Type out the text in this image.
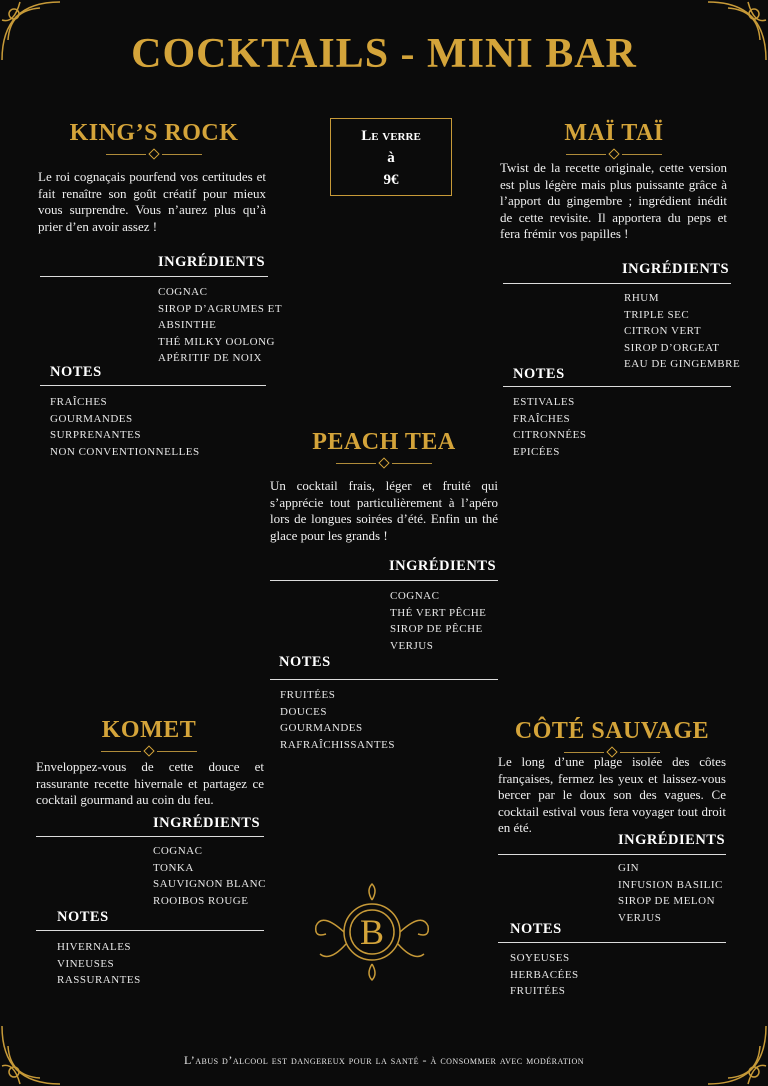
COCKTAILS - MINI BAR
Le verre
à
9€
KING’S ROCK
Le roi cognaçais pourfend vos certitudes et fait renaître son goût créatif pour mieux vous surprendre. Vous n’aurez plus qu’à prier d’en avoir assez !
INGRÉDIENTS
COGNAC
SIROP D’AGRUMES ET
ABSINTHE
THÉ MILKY OOLONG
APÉRITIF DE NOIX
NOTES
FRAÎCHES
GOURMANDES
SURPRENANTES
NON CONVENTIONNELLES
MAÏ TAÏ
Twist de la recette originale, cette version est plus légère mais plus puissante grâce à l’apport du gingembre ; ingrédient inédit de cette revisite. Il apportera du peps et fera frémir vos papilles !
INGRÉDIENTS
RHUM
TRIPLE SEC
CITRON VERT
SIROP D’ORGEAT
EAU DE GINGEMBRE
NOTES
ESTIVALES
FRAÎCHES
CITRONNÉES
EPICÉES
PEACH TEA
Un cocktail frais, léger et fruité qui s’apprécie tout particulièrement à l’apéro lors de longues soirées d’été. Enfin un thé glace pour les grands !
INGRÉDIENTS
COGNAC
THÉ VERT PÊCHE
SIROP DE PÊCHE
VERJUS
NOTES
FRUITÉES
DOUCES
GOURMANDES
RAFRAÎCHISSANTES
KOMET
Enveloppez-vous de cette douce et rassurante recette hivernale et partagez ce cocktail gourmand au coin du feu.
INGRÉDIENTS
COGNAC
TONKA
SAUVIGNON BLANC
ROOIBOS ROUGE
NOTES
HIVERNALES
VINEUSES
RASSURANTES
CÔTÉ SAUVAGE
Le long d’une plage isolée des côtes françaises, fermez les yeux et laissez-vous bercer par le doux son des vagues. Ce cocktail estival vous fera voyager tout droit en été.
INGRÉDIENTS
GIN
INFUSION BASILIC
SIROP DE MELON
VERJUS
NOTES
SOYEUSES
HERBACÉES
FRUITÉES
B
L’abus d’alcool est dangereux pour la santé - à consommer avec modération
